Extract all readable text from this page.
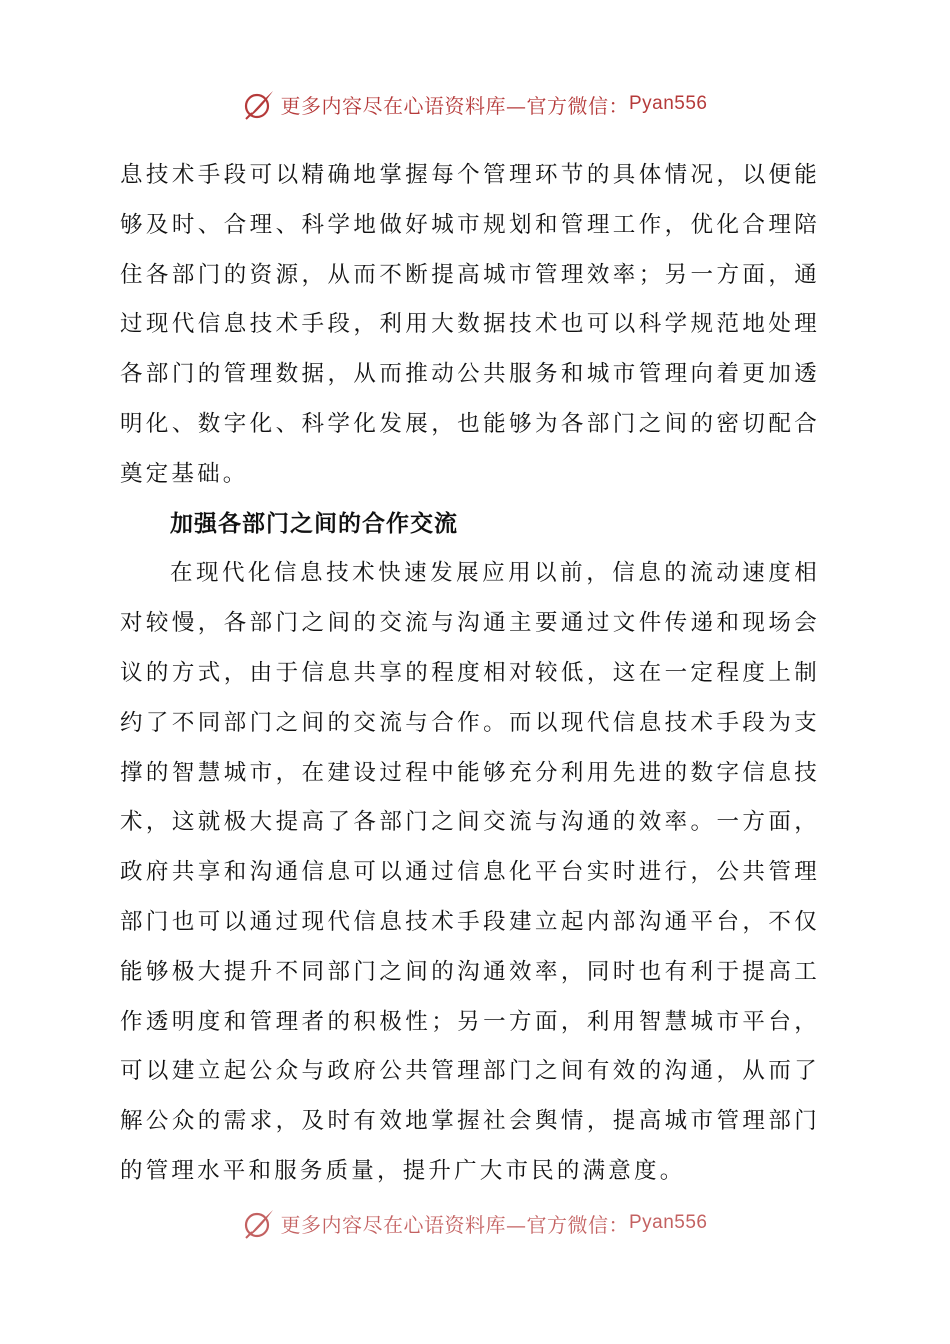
更多内容尽在心语资料库—官方微信： Pyan556

息技术手段可以精确地掌握每个管理环节的具体情况，以便能够及时、合理、科学地做好城市规划和管理工作，优化合理陪住各部门的资源，从而不断提高城市管理效率；另一方面，通过现代信息技术手段，利用大数据技术也可以科学规范地处理各部门的管理数据，从而推动公共服务和城市管理向着更加透明化、数字化、科学化发展，也能够为各部门之间的密切配合奠定基础。

加强各部门之间的合作交流

在现代化信息技术快速发展应用以前，信息的流动速度相对较慢，各部门之间的交流与沟通主要通过文件传递和现场会议的方式，由于信息共享的程度相对较低，这在一定程度上制约了不同部门之间的交流与合作。而以现代信息技术手段为支撑的智慧城市，在建设过程中能够充分利用先进的数字信息技术，这就极大提高了各部门之间交流与沟通的效率。一方面，政府共享和沟通信息可以通过信息化平台实时进行，公共管理部门也可以通过现代信息技术手段建立起内部沟通平台，不仅能够极大提升不同部门之间的沟通效率，同时也有利于提高工作透明度和管理者的积极性；另一方面，利用智慧城市平台，可以建立起公众与政府公共管理部门之间有效的沟通，从而了解公众的需求，及时有效地掌握社会舆情，提高城市管理部门的管理水平和服务质量，提升广大市民的满意度。

更多内容尽在心语资料库—官方微信： Pyan556
